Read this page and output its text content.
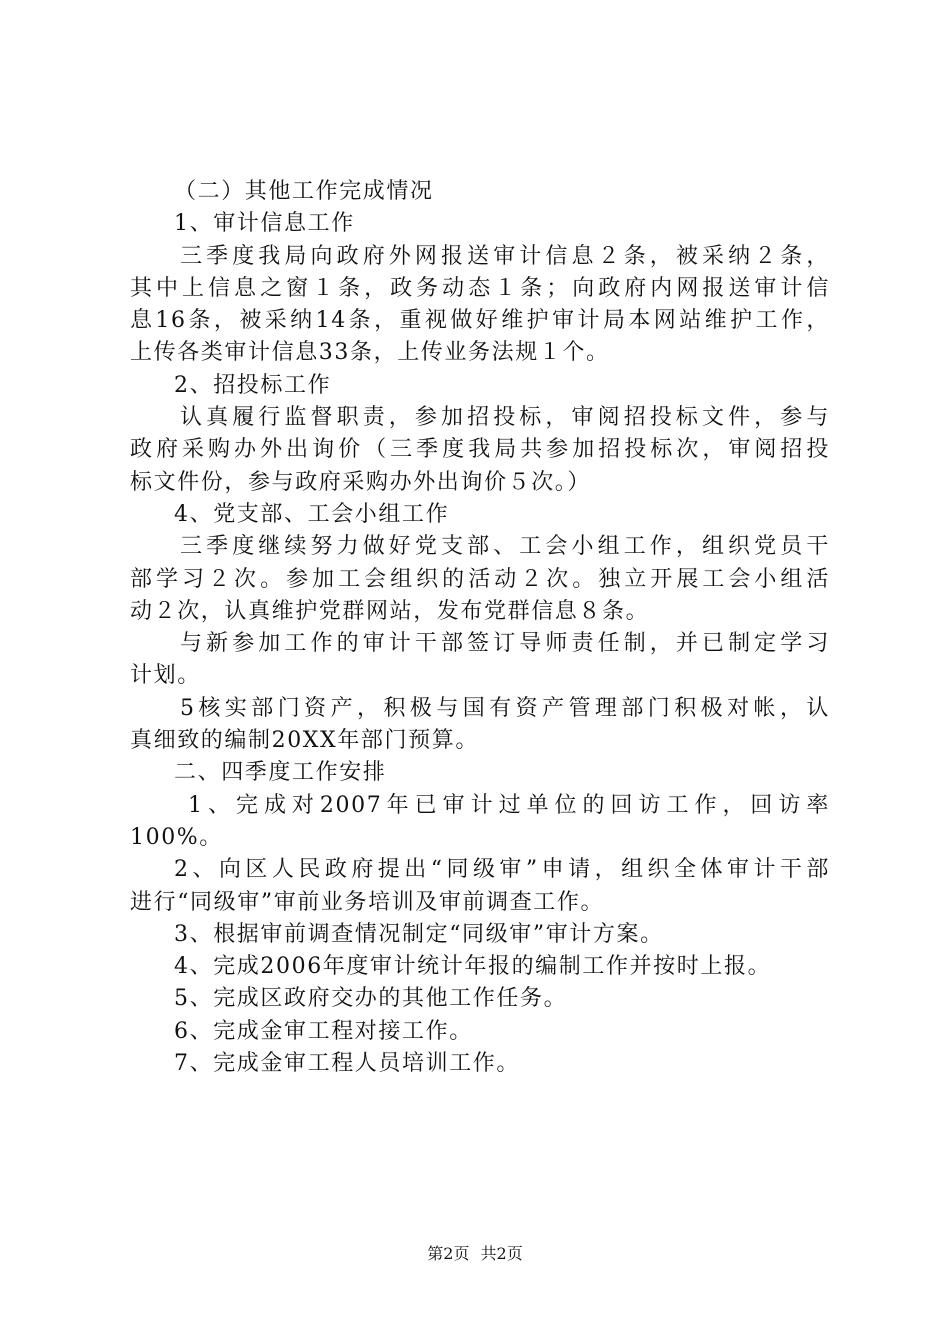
（二）其他工作完成情况
1、审计信息工作
三季度我局向政府外网报送审计信息２条，被采纳２条，
其中上信息之窗１条，政务动态１条；向政府内网报送审计信
息16条，被采纳14条，重视做好维护审计局本网站维护工作，
上传各类审计信息33条，上传业务法规１个。
2、招投标工作
认真履行监督职责，参加招投标，审阅招投标文件，参与
政府采购办外出询价（三季度我局共参加招投标次，审阅招投
标文件份，参与政府采购办外出询价５次。）
4、党支部、工会小组工作
三季度继续努力做好党支部、工会小组工作，组织党员干
部学习２次。参加工会组织的活动２次。独立开展工会小组活
动２次，认真维护党群网站，发布党群信息８条。
与新参加工作的审计干部签订导师责任制，并已制定学习
计划。
5核实部门资产，积极与国有资产管理部门积极对帐，认
真细致的编制20XX年部门预算。
二、四季度工作安排
1、完成对2007年已审计过单位的回访工作，回访率
100%。
2、向区人民政府提出“同级审”申请，组织全体审计干部
进行“同级审”审前业务培训及审前调查工作。
3、根据审前调查情况制定“同级审”审计方案。
4、完成2006年度审计统计年报的编制工作并按时上报。
5、完成区政府交办的其他工作任务。
6、完成金审工程对接工作。
7、完成金审工程人员培训工作。
第2页 共2页
